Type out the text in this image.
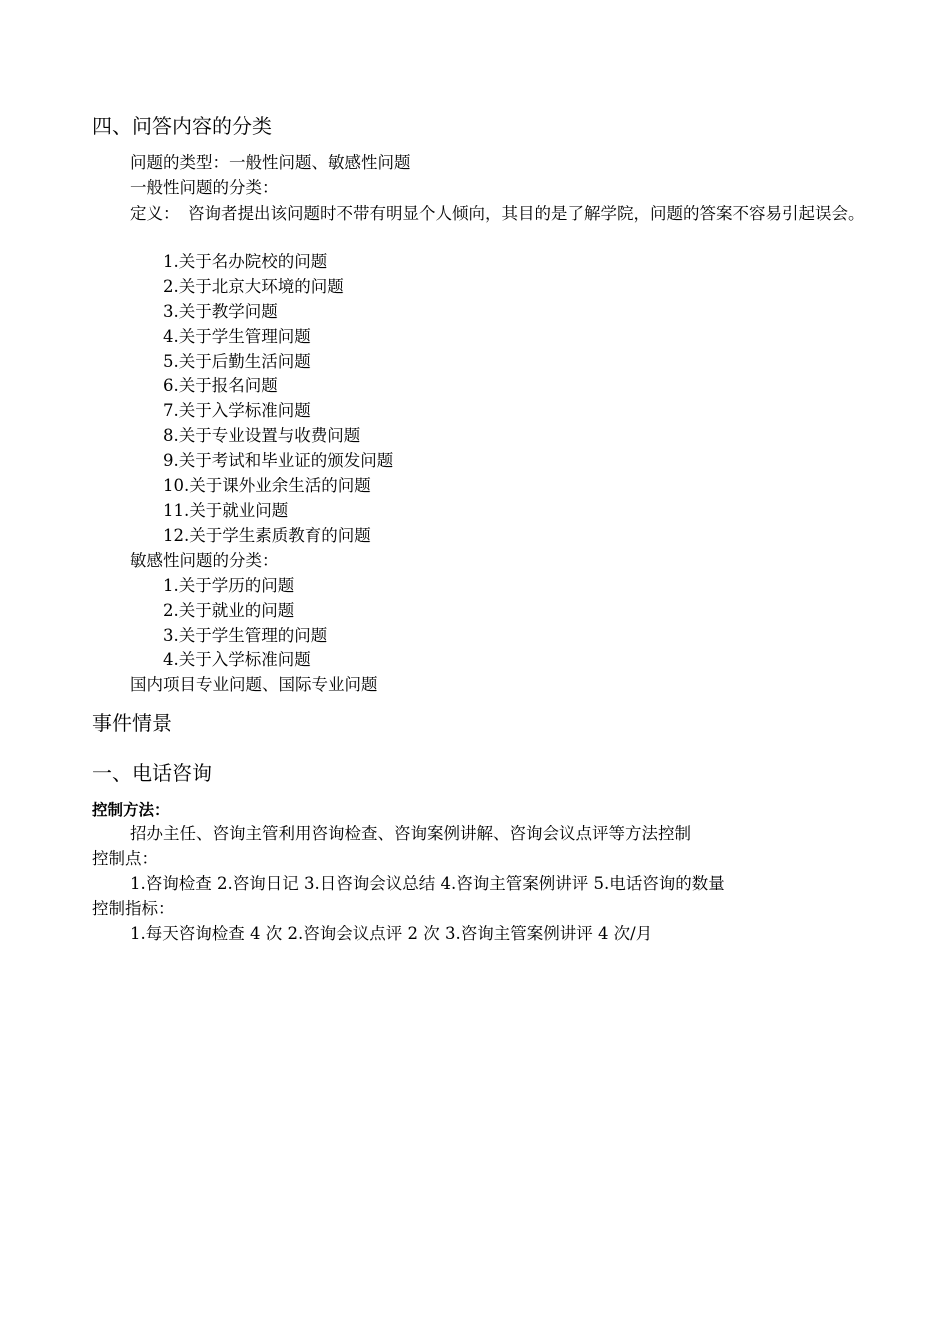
四、问答内容的分类
问题的类型：一般性问题、敏感性问题
一般性问题的分类：
定义： 咨询者提出该问题时不带有明显个人倾向，其目的是了解学院，问题的答案不容易引起误会。
1.关于名办院校的问题
2.关于北京大环境的问题
3.关于教学问题
4.关于学生管理问题
5.关于后勤生活问题
6.关于报名问题
7.关于入学标准问题
8.关于专业设置与收费问题
9.关于考试和毕业证的颁发问题
10.关于课外业余生活的问题
11.关于就业问题
12.关于学生素质教育的问题
敏感性问题的分类：
1.关于学历的问题
2.关于就业的问题
3.关于学生管理的问题
4.关于入学标准问题
国内项目专业问题、国际专业问题
事件情景
一、电话咨询
控制方法：
招办主任、咨询主管利用咨询检查、咨询案例讲解、咨询会议点评等方法控制
控制点：
1.咨询检查 2.咨询日记 3.日咨询会议总结 4.咨询主管案例讲评 5.电话咨询的数量
控制指标：
1.每天咨询检查 4 次 2.咨询会议点评 2 次 3.咨询主管案例讲评 4 次/月
